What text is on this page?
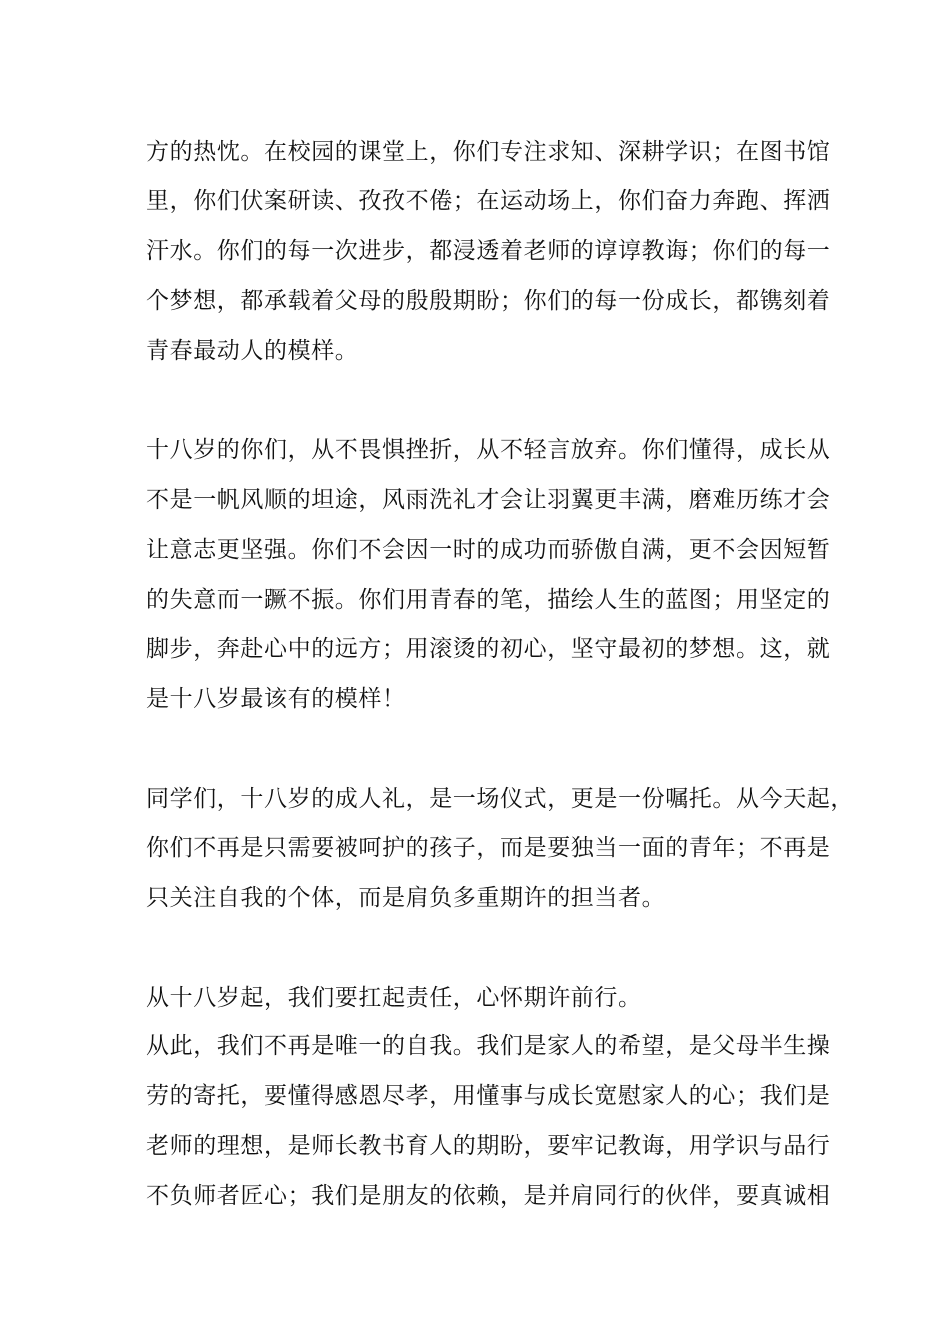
方的热忱。在校园的课堂上，你们专注求知、深耕学识；在图书馆
里，你们伏案研读、孜孜不倦；在运动场上，你们奋力奔跑、挥洒
汗水。你们的每一次进步，都浸透着老师的谆谆教诲；你们的每一
个梦想，都承载着父母的殷殷期盼；你们的每一份成长，都镌刻着
青春最动人的模样。
十八岁的你们，从不畏惧挫折，从不轻言放弃。你们懂得，成长从
不是一帆风顺的坦途，风雨洗礼才会让羽翼更丰满，磨难历练才会
让意志更坚强。你们不会因一时的成功而骄傲自满，更不会因短暂
的失意而一蹶不振。你们用青春的笔，描绘人生的蓝图；用坚定的
脚步，奔赴心中的远方；用滚烫的初心，坚守最初的梦想。这，就
是十八岁最该有的模样！
同学们，十八岁的成人礼，是一场仪式，更是一份嘱托。从今天起，
你们不再是只需要被呵护的孩子，而是要独当一面的青年；不再是
只关注自我的个体，而是肩负多重期许的担当者。
从十八岁起，我们要扛起责任，心怀期许前行。
从此，我们不再是唯一的自我。我们是家人的希望，是父母半生操
劳的寄托，要懂得感恩尽孝，用懂事与成长宽慰家人的心；我们是
老师的理想，是师长教书育人的期盼，要牢记教诲，用学识与品行
不负师者匠心；我们是朋友的依赖，是并肩同行的伙伴，要真诚相
